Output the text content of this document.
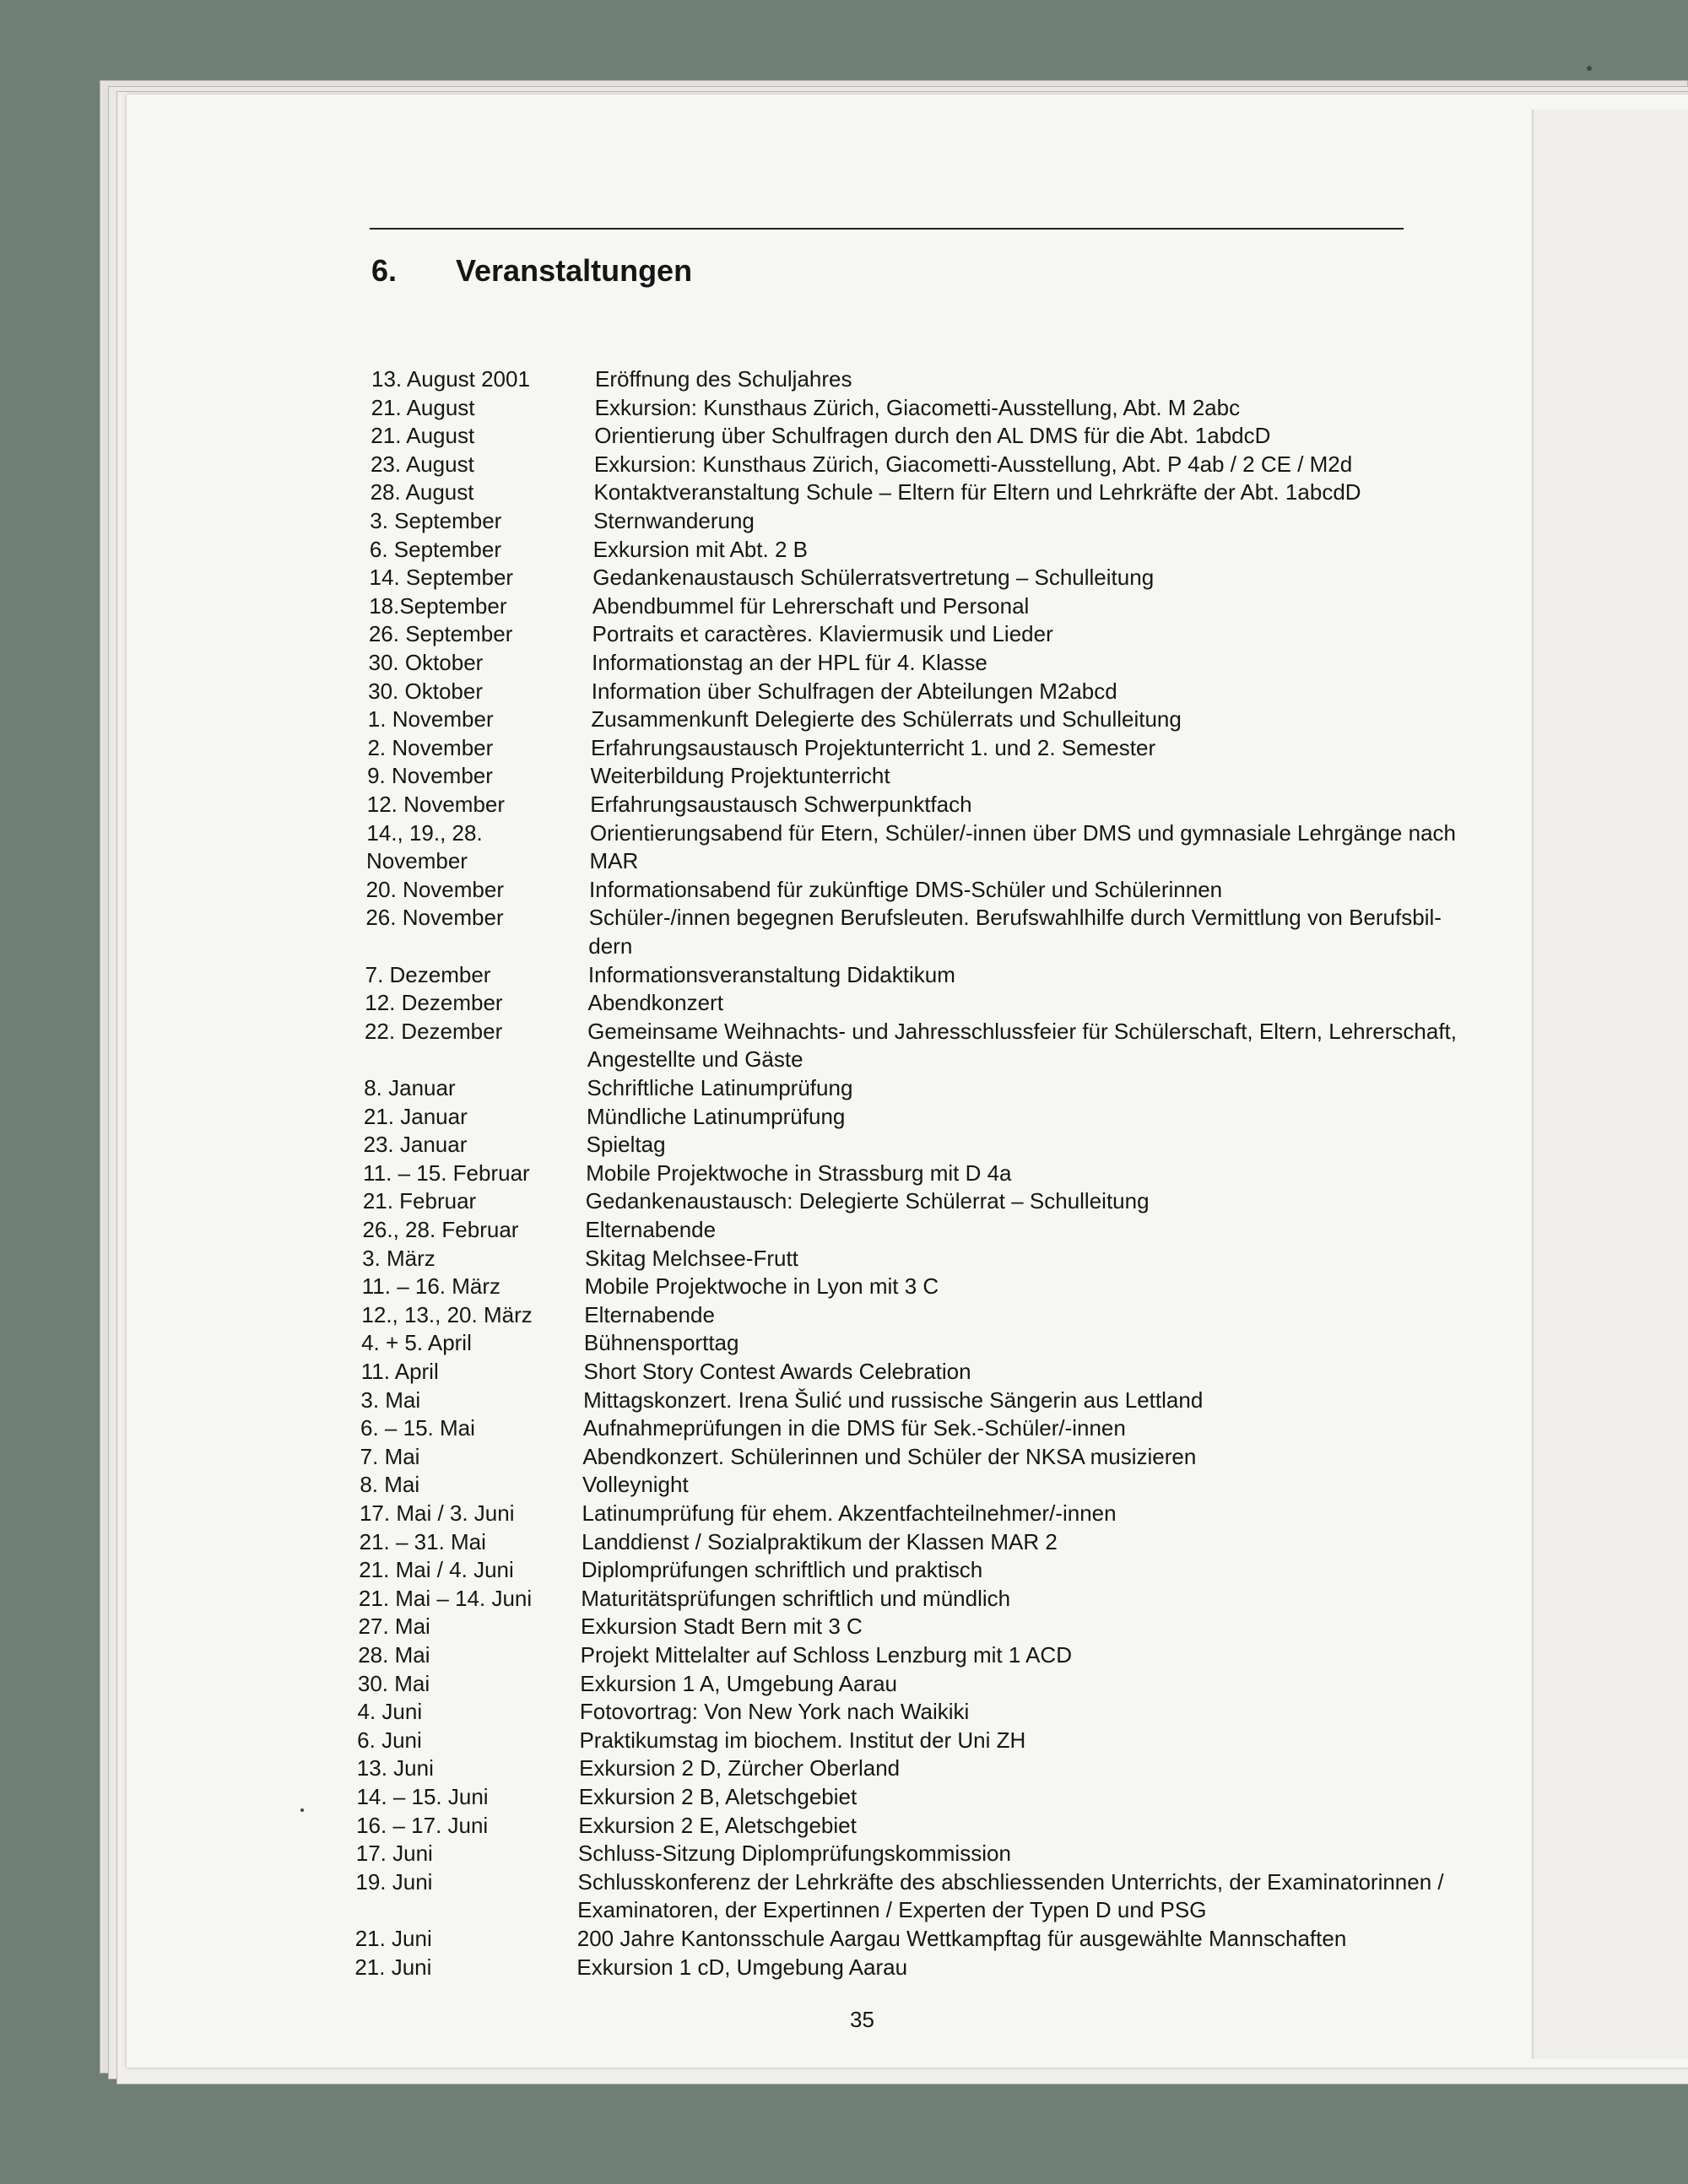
6. Veranstaltungen
13. August 2001	Eröffnung des Schuljahres
21. August	Exkursion: Kunsthaus Zürich, Giacometti-Ausstellung, Abt. M 2abc
21. August	Orientierung über Schulfragen durch den AL DMS für die Abt. 1abdcD
23. August	Exkursion: Kunsthaus Zürich, Giacometti-Ausstellung, Abt. P 4ab / 2 CE / M2d
28. August	Kontaktveranstaltung Schule – Eltern für Eltern und Lehrkräfte der Abt. 1abcdD
3. September	Sternwanderung
6. September	Exkursion mit Abt. 2 B
14. September	Gedankenaustausch Schülerratsvertretung – Schulleitung
18.September	Abendbummel für Lehrerschaft und Personal
26. September	Portraits et caractères. Klaviermusik und Lieder
30. Oktober	Informationstag an der HPL für 4. Klasse
30. Oktober	Information über Schulfragen der Abteilungen M2abcd
1. November	Zusammenkunft Delegierte des Schülerrats und Schulleitung
2. November	Erfahrungsaustausch Projektunterricht 1. und 2. Semester
9. November	Weiterbildung Projektunterricht
12. November	Erfahrungsaustausch Schwerpunktfach
14., 19., 28.	Orientierungsabend für Etern, Schüler/-innen über DMS und gymnasiale Lehrgänge nach
November	MAR
20. November	Informationsabend für zukünftige DMS-Schüler und Schülerinnen
26. November	Schüler-/innen begegnen Berufsleuten. Berufswahlhilfe durch Vermittlung von Berufsbil-
dern
7. Dezember	Informationsveranstaltung Didaktikum
12. Dezember	Abendkonzert
22. Dezember	Gemeinsame Weihnachts- und Jahresschlussfeier für Schülerschaft, Eltern, Lehrerschaft,
Angestellte und Gäste
8. Januar	Schriftliche Latinumprüfung
21. Januar	Mündliche Latinumprüfung
23. Januar	Spieltag
11. – 15. Februar	Mobile Projektwoche in Strassburg mit D 4a
21. Februar	Gedankenaustausch: Delegierte Schülerrat – Schulleitung
26., 28. Februar	Elternabende
3. März	Skitag Melchsee-Frutt
11. – 16. März	Mobile Projektwoche in Lyon mit 3 C
12., 13., 20. März Elternabende
4. + 5. April	Bühnensporttag
11. April	Short Story Contest Awards Celebration
3. Mai	Mittagskonzert. Irena Šulić und russische Sängerin aus Lettland
6. – 15. Mai	Aufnahmeprüfungen in die DMS für Sek.-Schüler/-innen
7. Mai	Abendkonzert. Schülerinnen und Schüler der NKSA musizieren
8. Mai	Volleynight
17. Mai / 3. Juni	Latinumprüfung für ehem. Akzentfachteilnehmer/-innen
21. – 31. Mai	Landdienst / Sozialpraktikum der Klassen MAR 2
21. Mai / 4. Juni	Diplomprüfungen schriftlich und praktisch
21. Mai – 14. Juni Maturitätsprüfungen schriftlich und mündlich
27. Mai	Exkursion Stadt Bern mit 3 C
28. Mai	Projekt Mittelalter auf Schloss Lenzburg mit 1 ACD
30. Mai	Exkursion 1 A, Umgebung Aarau
4. Juni	Fotovortrag: Von New York nach Waikiki
6. Juni	Praktikumstag im biochem. Institut der Uni ZH
13. Juni	Exkursion 2 D, Zürcher Oberland
14. – 15. Juni	Exkursion 2 B, Aletschgebiet
16. – 17. Juni	Exkursion 2 E, Aletschgebiet
17. Juni	Schluss-Sitzung Diplomprüfungskommission
19. Juni	Schlusskonferenz der Lehrkräfte des abschliessenden Unterrichts, der Examinatorinnen /
Examinatoren, der Expertinnen / Experten der Typen D und PSG
21. Juni	200 Jahre Kantonsschule Aargau Wettkampftag für ausgewählte Mannschaften
21. Juni	Exkursion 1 cD, Umgebung Aarau
35
